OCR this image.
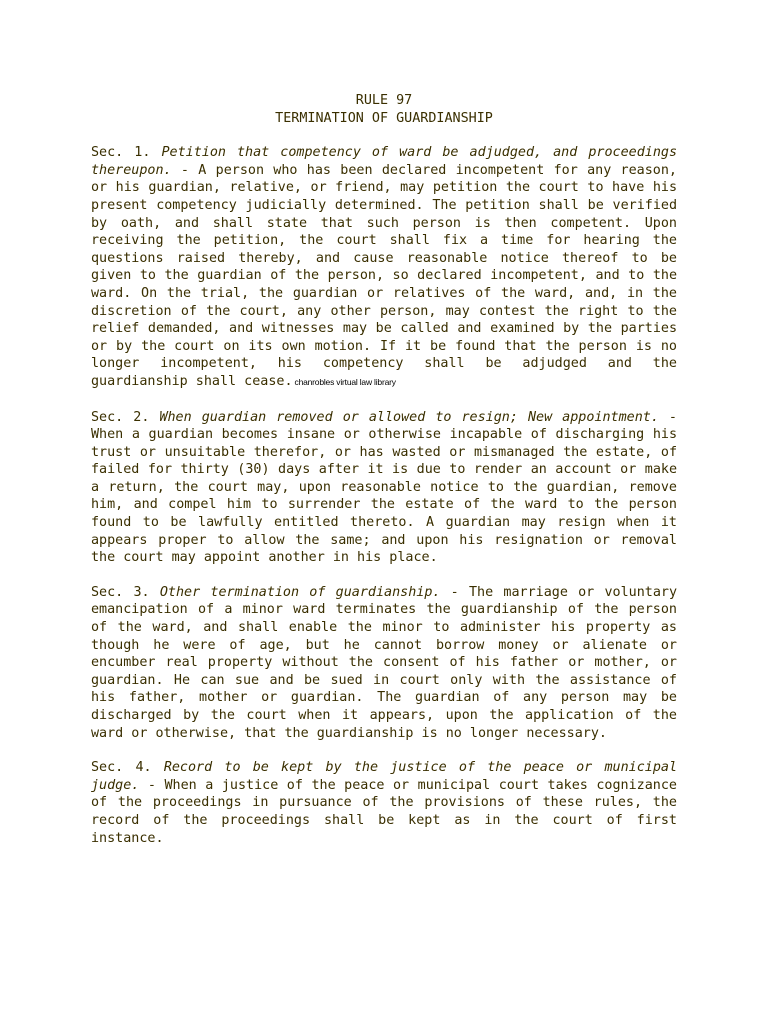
RULE 97
TERMINATION OF GUARDIANSHIP

Sec. 1. Petition that competency of ward be adjudged, and proceedings thereupon. - A person who has been declared incompetent for any reason, or his guardian, relative, or friend, may petition the court to have his present competency judicially determined. The petition shall be verified by oath, and shall state that such person is then competent. Upon receiving the petition, the court shall fix a time for hearing the questions raised thereby, and cause reasonable notice thereof to be given to the guardian of the person, so declared incompetent, and to the ward. On the trial, the guardian or relatives of the ward, and, in the discretion of the court, any other person, may contest the right to the relief demanded, and witnesses may be called and examined by the parties or by the court on its own motion. If it be found that the person is no longer incompetent, his competency shall be adjudged and the guardianship shall cease. chanrobles virtual law library

Sec. 2. When guardian removed or allowed to resign; New appointment. - When a guardian becomes insane or otherwise incapable of discharging his trust or unsuitable therefor, or has wasted or mismanaged the estate, of failed for thirty (30) days after it is due to render an account or make a return, the court may, upon reasonable notice to the guardian, remove him, and compel him to surrender the estate of the ward to the person found to be lawfully entitled thereto. A guardian may resign when it appears proper to allow the same; and upon his resignation or removal the court may appoint another in his place.

Sec. 3. Other termination of guardianship. - The marriage or voluntary emancipation of a minor ward terminates the guardianship of the person of the ward, and shall enable the minor to administer his property as though he were of age, but he cannot borrow money or alienate or encumber real property without the consent of his father or mother, or guardian. He can sue and be sued in court only with the assistance of his father, mother or guardian. The guardian of any person may be discharged by the court when it appears, upon the application of the ward or otherwise, that the guardianship is no longer necessary.

Sec. 4. Record to be kept by the justice of the peace or municipal judge. - When a justice of the peace or municipal court takes cognizance of the proceedings in pursuance of the provisions of these rules, the record of the proceedings shall be kept as in the court of first instance.
